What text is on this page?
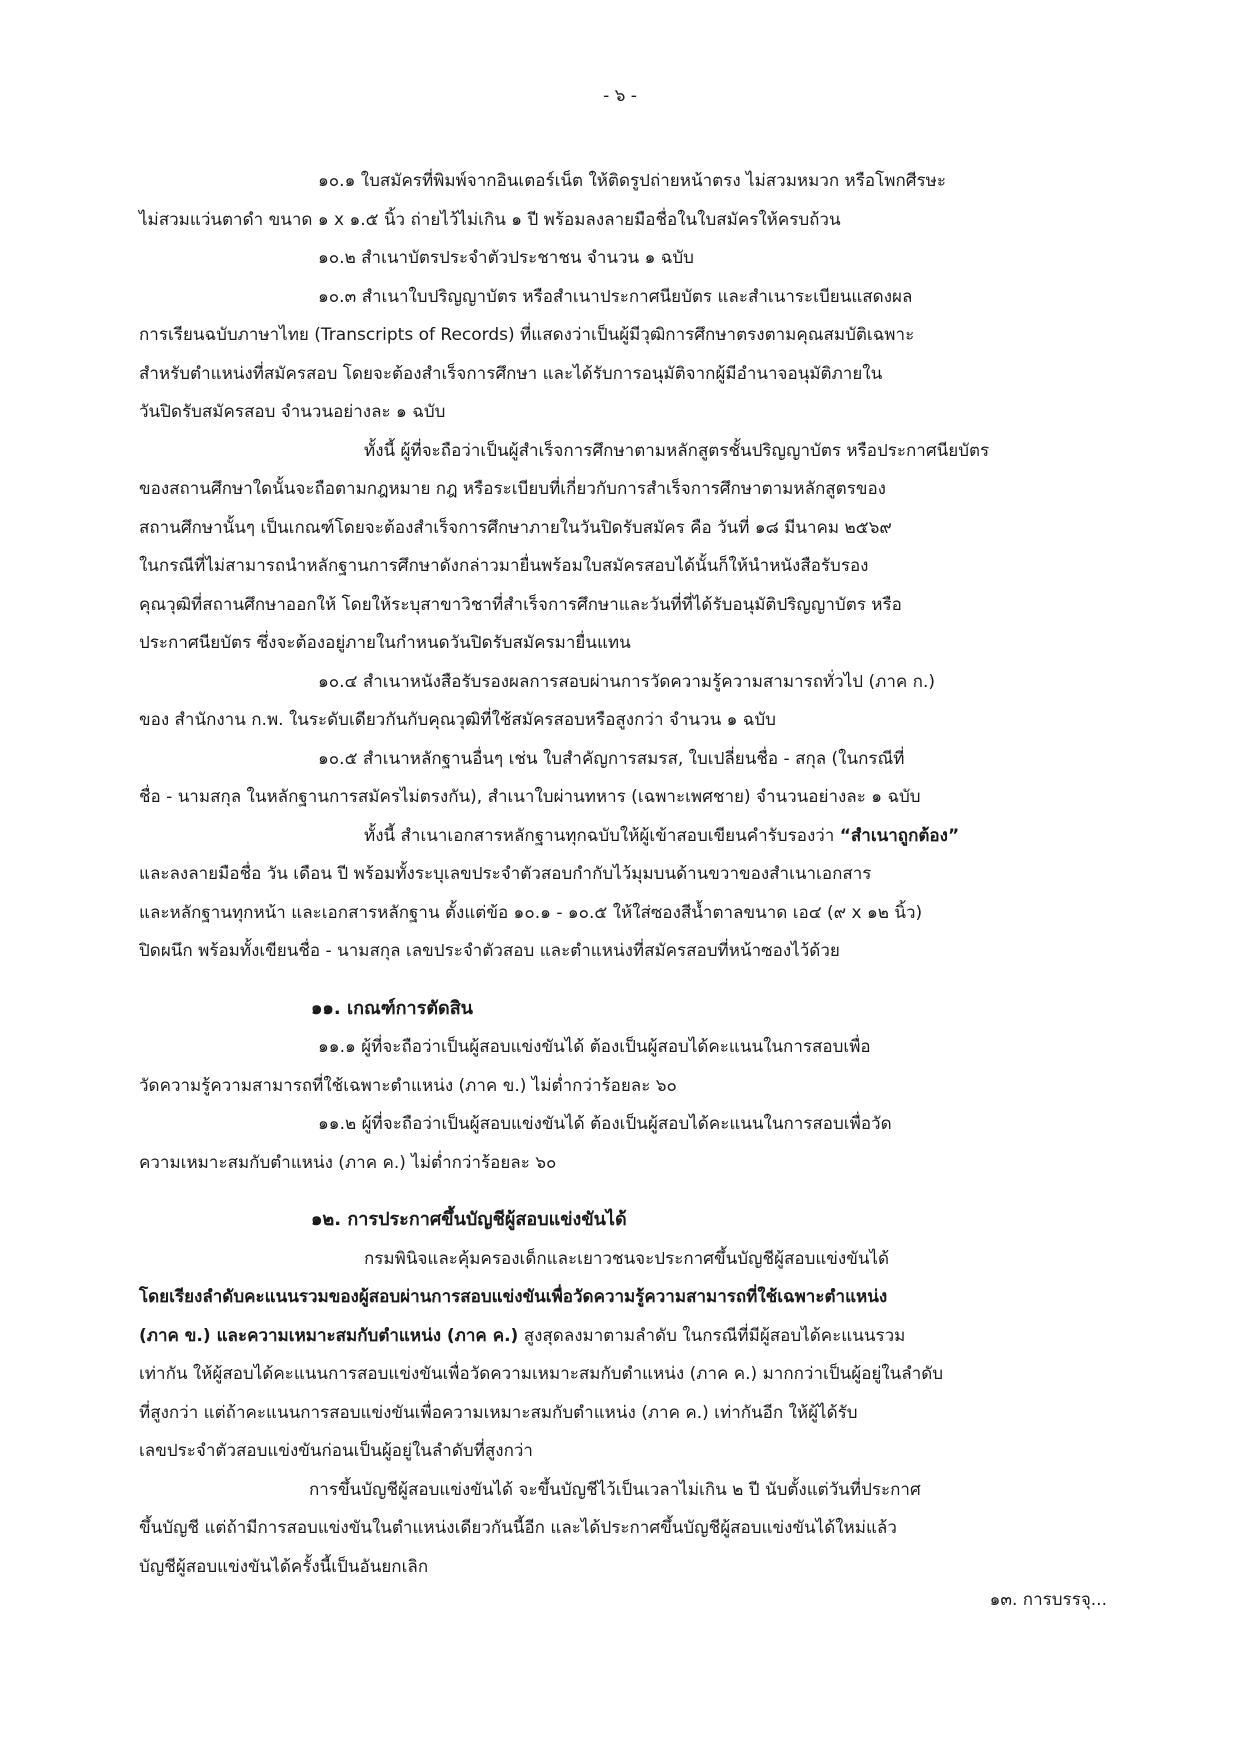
- ๖ -
๑๐.๑ ใบสมัครที่พิมพ์จากอินเตอร์เน็ต ให้ติดรูปถ่ายหน้าตรง ไม่สวมหมวก หรือโพกศีรษะ
ไม่สวมแว่นตาดำ ขนาด ๑ x ๑.๕ นิ้ว ถ่ายไว้ไม่เกิน ๑ ปี พร้อมลงลายมือชื่อในใบสมัครให้ครบถ้วน
๑๐.๒ สำเนาบัตรประจำตัวประชาชน จำนวน ๑ ฉบับ
๑๐.๓ สำเนาใบปริญญาบัตร หรือสำเนาประกาศนียบัตร และสำเนาระเบียนแสดงผล
การเรียนฉบับภาษาไทย (Transcripts of Records) ที่แสดงว่าเป็นผู้มีวุฒิการศึกษาตรงตามคุณสมบัติเฉพาะ
สำหรับตำแหน่งที่สมัครสอบ โดยจะต้องสำเร็จการศึกษา และได้รับการอนุมัติจากผู้มีอำนาจอนุมัติภายใน
วันปิดรับสมัครสอบ จำนวนอย่างละ ๑ ฉบับ
ทั้งนี้ ผู้ที่จะถือว่าเป็นผู้สำเร็จการศึกษาตามหลักสูตรชั้นปริญญาบัตร หรือประกาศนียบัตร
ของสถานศึกษาใดนั้นจะถือตามกฎหมาย กฎ หรือระเบียบที่เกี่ยวกับการสำเร็จการศึกษาตามหลักสูตรของ
สถานศึกษานั้นๆ เป็นเกณฑ์โดยจะต้องสำเร็จการศึกษาภายในวันปิดรับสมัคร คือ วันที่ ๑๘ มีนาคม ๒๕๖๙
ในกรณีที่ไม่สามารถนำหลักฐานการศึกษาดังกล่าวมายื่นพร้อมใบสมัครสอบได้นั้นก็ให้นำหนังสือรับรอง
คุณวุฒิที่สถานศึกษาออกให้ โดยให้ระบุสาขาวิชาที่สำเร็จการศึกษาและวันที่ที่ได้รับอนุมัติปริญญาบัตร หรือ
ประกาศนียบัตร ซึ่งจะต้องอยู่ภายในกำหนดวันปิดรับสมัครมายื่นแทน
๑๐.๔ สำเนาหนังสือรับรองผลการสอบผ่านการวัดความรู้ความสามารถทั่วไป (ภาค ก.)
ของ สำนักงาน ก.พ. ในระดับเดียวกันกับคุณวุฒิที่ใช้สมัครสอบหรือสูงกว่า จำนวน ๑ ฉบับ
๑๐.๕ สำเนาหลักฐานอื่นๆ เช่น ใบสำคัญการสมรส, ใบเปลี่ยนชื่อ - สกุล (ในกรณีที่
ชื่อ - นามสกุล ในหลักฐานการสมัครไม่ตรงกัน), สำเนาใบผ่านทหาร (เฉพาะเพศชาย) จำนวนอย่างละ ๑ ฉบับ
ทั้งนี้ สำเนาเอกสารหลักฐานทุกฉบับให้ผู้เข้าสอบเขียนคำรับรองว่า “สำเนาถูกต้อง”
และลงลายมือชื่อ วัน เดือน ปี พร้อมทั้งระบุเลขประจำตัวสอบกำกับไว้มุมบนด้านขวาของสำเนาเอกสาร
และหลักฐานทุกหน้า และเอกสารหลักฐาน ตั้งแต่ข้อ ๑๐.๑ - ๑๐.๕ ให้ใส่ซองสีน้ำตาลขนาด เอ๔ (๙ x ๑๒ นิ้ว)
ปิดผนึก พร้อมทั้งเขียนชื่อ - นามสกุล เลขประจำตัวสอบ และตำแหน่งที่สมัครสอบที่หน้าซองไว้ด้วย
๑๑. เกณฑ์การตัดสิน
๑๑.๑ ผู้ที่จะถือว่าเป็นผู้สอบแข่งขันได้ ต้องเป็นผู้สอบได้คะแนนในการสอบเพื่อ
วัดความรู้ความสามารถที่ใช้เฉพาะตำแหน่ง (ภาค ข.) ไม่ต่ำกว่าร้อยละ ๖๐
๑๑.๒ ผู้ที่จะถือว่าเป็นผู้สอบแข่งขันได้ ต้องเป็นผู้สอบได้คะแนนในการสอบเพื่อวัด
ความเหมาะสมกับตำแหน่ง (ภาค ค.) ไม่ต่ำกว่าร้อยละ ๖๐
๑๒. การประกาศขึ้นบัญชีผู้สอบแข่งขันได้
กรมพินิจและคุ้มครองเด็กและเยาวชนจะประกาศขึ้นบัญชีผู้สอบแข่งขันได้
โดยเรียงลำดับคะแนนรวมของผู้สอบผ่านการสอบแข่งขันเพื่อวัดความรู้ความสามารถที่ใช้เฉพาะตำแหน่ง
(ภาค ข.) และความเหมาะสมกับตำแหน่ง (ภาค ค.) สูงสุดลงมาตามลำดับ ในกรณีที่มีผู้สอบได้คะแนนรวม
เท่ากัน ให้ผู้สอบได้คะแนนการสอบแข่งขันเพื่อวัดความเหมาะสมกับตำแหน่ง (ภาค ค.) มากกว่าเป็นผู้อยู่ในลำดับ
ที่สูงกว่า แต่ถ้าคะแนนการสอบแข่งขันเพื่อความเหมาะสมกับตำแหน่ง (ภาค ค.) เท่ากันอีก ให้ผู้ได้รับ
เลขประจำตัวสอบแข่งขันก่อนเป็นผู้อยู่ในลำดับที่สูงกว่า
การขึ้นบัญชีผู้สอบแข่งขันได้ จะขึ้นบัญชีไว้เป็นเวลาไม่เกิน ๒ ปี นับตั้งแต่วันที่ประกาศ
ขึ้นบัญชี แต่ถ้ามีการสอบแข่งขันในตำแหน่งเดียวกันนี้อีก และได้ประกาศขึ้นบัญชีผู้สอบแข่งขันได้ใหม่แล้ว
บัญชีผู้สอบแข่งขันได้ครั้งนี้เป็นอันยกเลิก
๑๓. การบรรจุ...
